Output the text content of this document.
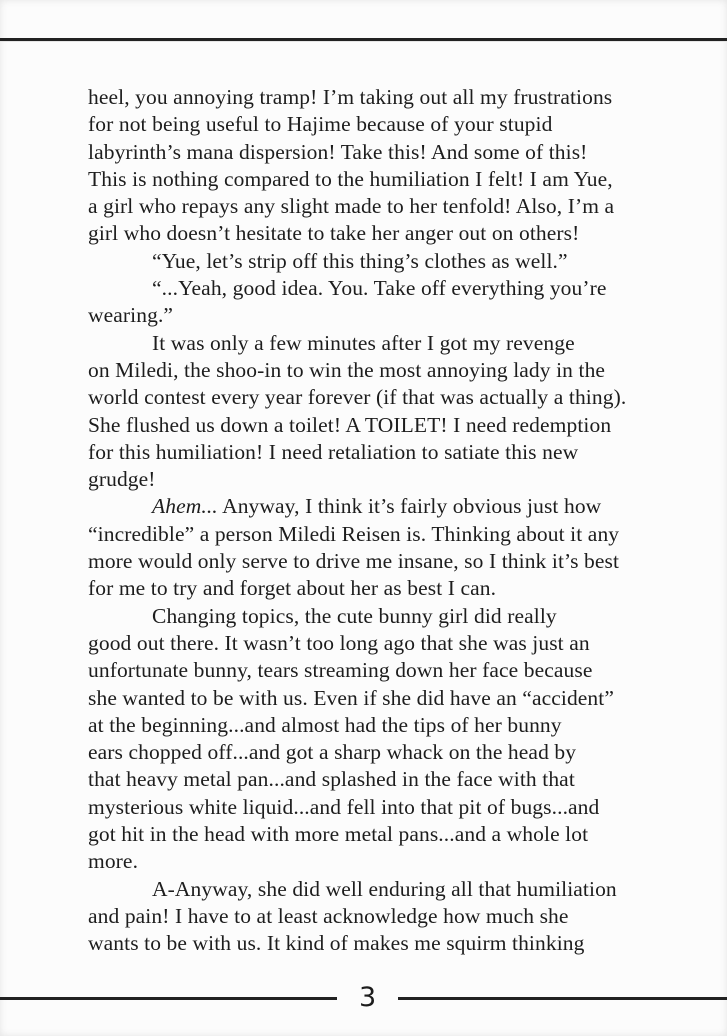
heel, you annoying tramp! I’m taking out all my frustrations
for not being useful to Hajime because of your stupid
labyrinth’s mana dispersion! Take this! And some of this!
This is nothing compared to the humiliation I felt! I am Yue,
a girl who repays any slight made to her tenfold! Also, I’m a
girl who doesn’t hesitate to take her anger out on others!
“Yue, let’s strip off this thing’s clothes as well.”
“...Yeah, good idea. You. Take off everything you’re
wearing.”
It was only a few minutes after I got my revenge
on Miledi, the shoo-in to win the most annoying lady in the
world contest every year forever (if that was actually a thing).
She flushed us down a toilet! A TOILET! I need redemption
for this humiliation! I need retaliation to satiate this new
grudge!
Ahem... Anyway, I think it’s fairly obvious just how
“incredible” a person Miledi Reisen is. Thinking about it any
more would only serve to drive me insane, so I think it’s best
for me to try and forget about her as best I can.
Changing topics, the cute bunny girl did really
good out there. It wasn’t too long ago that she was just an
unfortunate bunny, tears streaming down her face because
she wanted to be with us. Even if she did have an “accident”
at the beginning...and almost had the tips of her bunny
ears chopped off...and got a sharp whack on the head by
that heavy metal pan...and splashed in the face with that
mysterious white liquid...and fell into that pit of bugs...and
got hit in the head with more metal pans...and a whole lot
more.
A-Anyway, she did well enduring all that humiliation
and pain! I have to at least acknowledge how much she
wants to be with us. It kind of makes me squirm thinking
3
